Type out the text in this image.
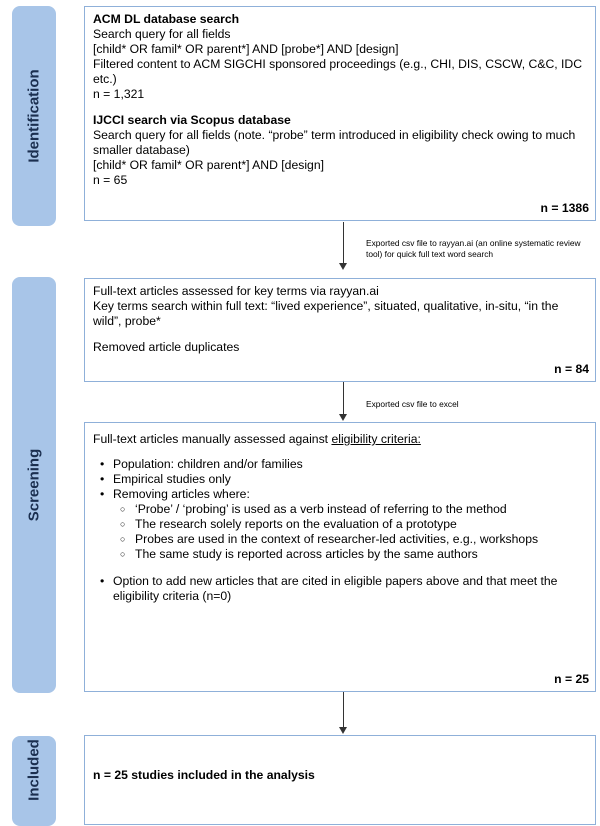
Identification
Screening
Included
ACM DL database search
Search query for all fields
[child* OR famil* OR parent*] AND [probe*] AND [design]
Filtered content to ACM SIGCHI sponsored proceedings (e.g., CHI, DIS, CSCW, C&C, IDC etc.)
n = 1,321
IJCCI search via Scopus database
Search query for all fields (note. “probe” term introduced in eligibility check owing to much smaller database)
[child* OR famil* OR parent*] AND [design]
n = 65
n = 1386
Exported csv file to rayyan.ai (an online systematic review tool) for quick full text word search
Full-text articles assessed for key terms via rayyan.ai
Key terms search within full text: “lived experience”, situated, qualitative, in-situ, “in the wild”, probe*
Removed article duplicates
n = 84
Exported csv file to excel
Full-text articles manually assessed against eligibility criteria:
• Population: children and/or families
• Empirical studies only
• Removing articles where:
○ ‘Probe’ / ‘probing’ is used as a verb instead of referring to the method
○ The research solely reports on the evaluation of a prototype
○ Probes are used in the context of researcher-led activities, e.g., workshops
○ The same study is reported across articles by the same authors
• Option to add new articles that are cited in eligible papers above and that meet the eligibility criteria (n=0)
n = 25
n = 25 studies included in the analysis
